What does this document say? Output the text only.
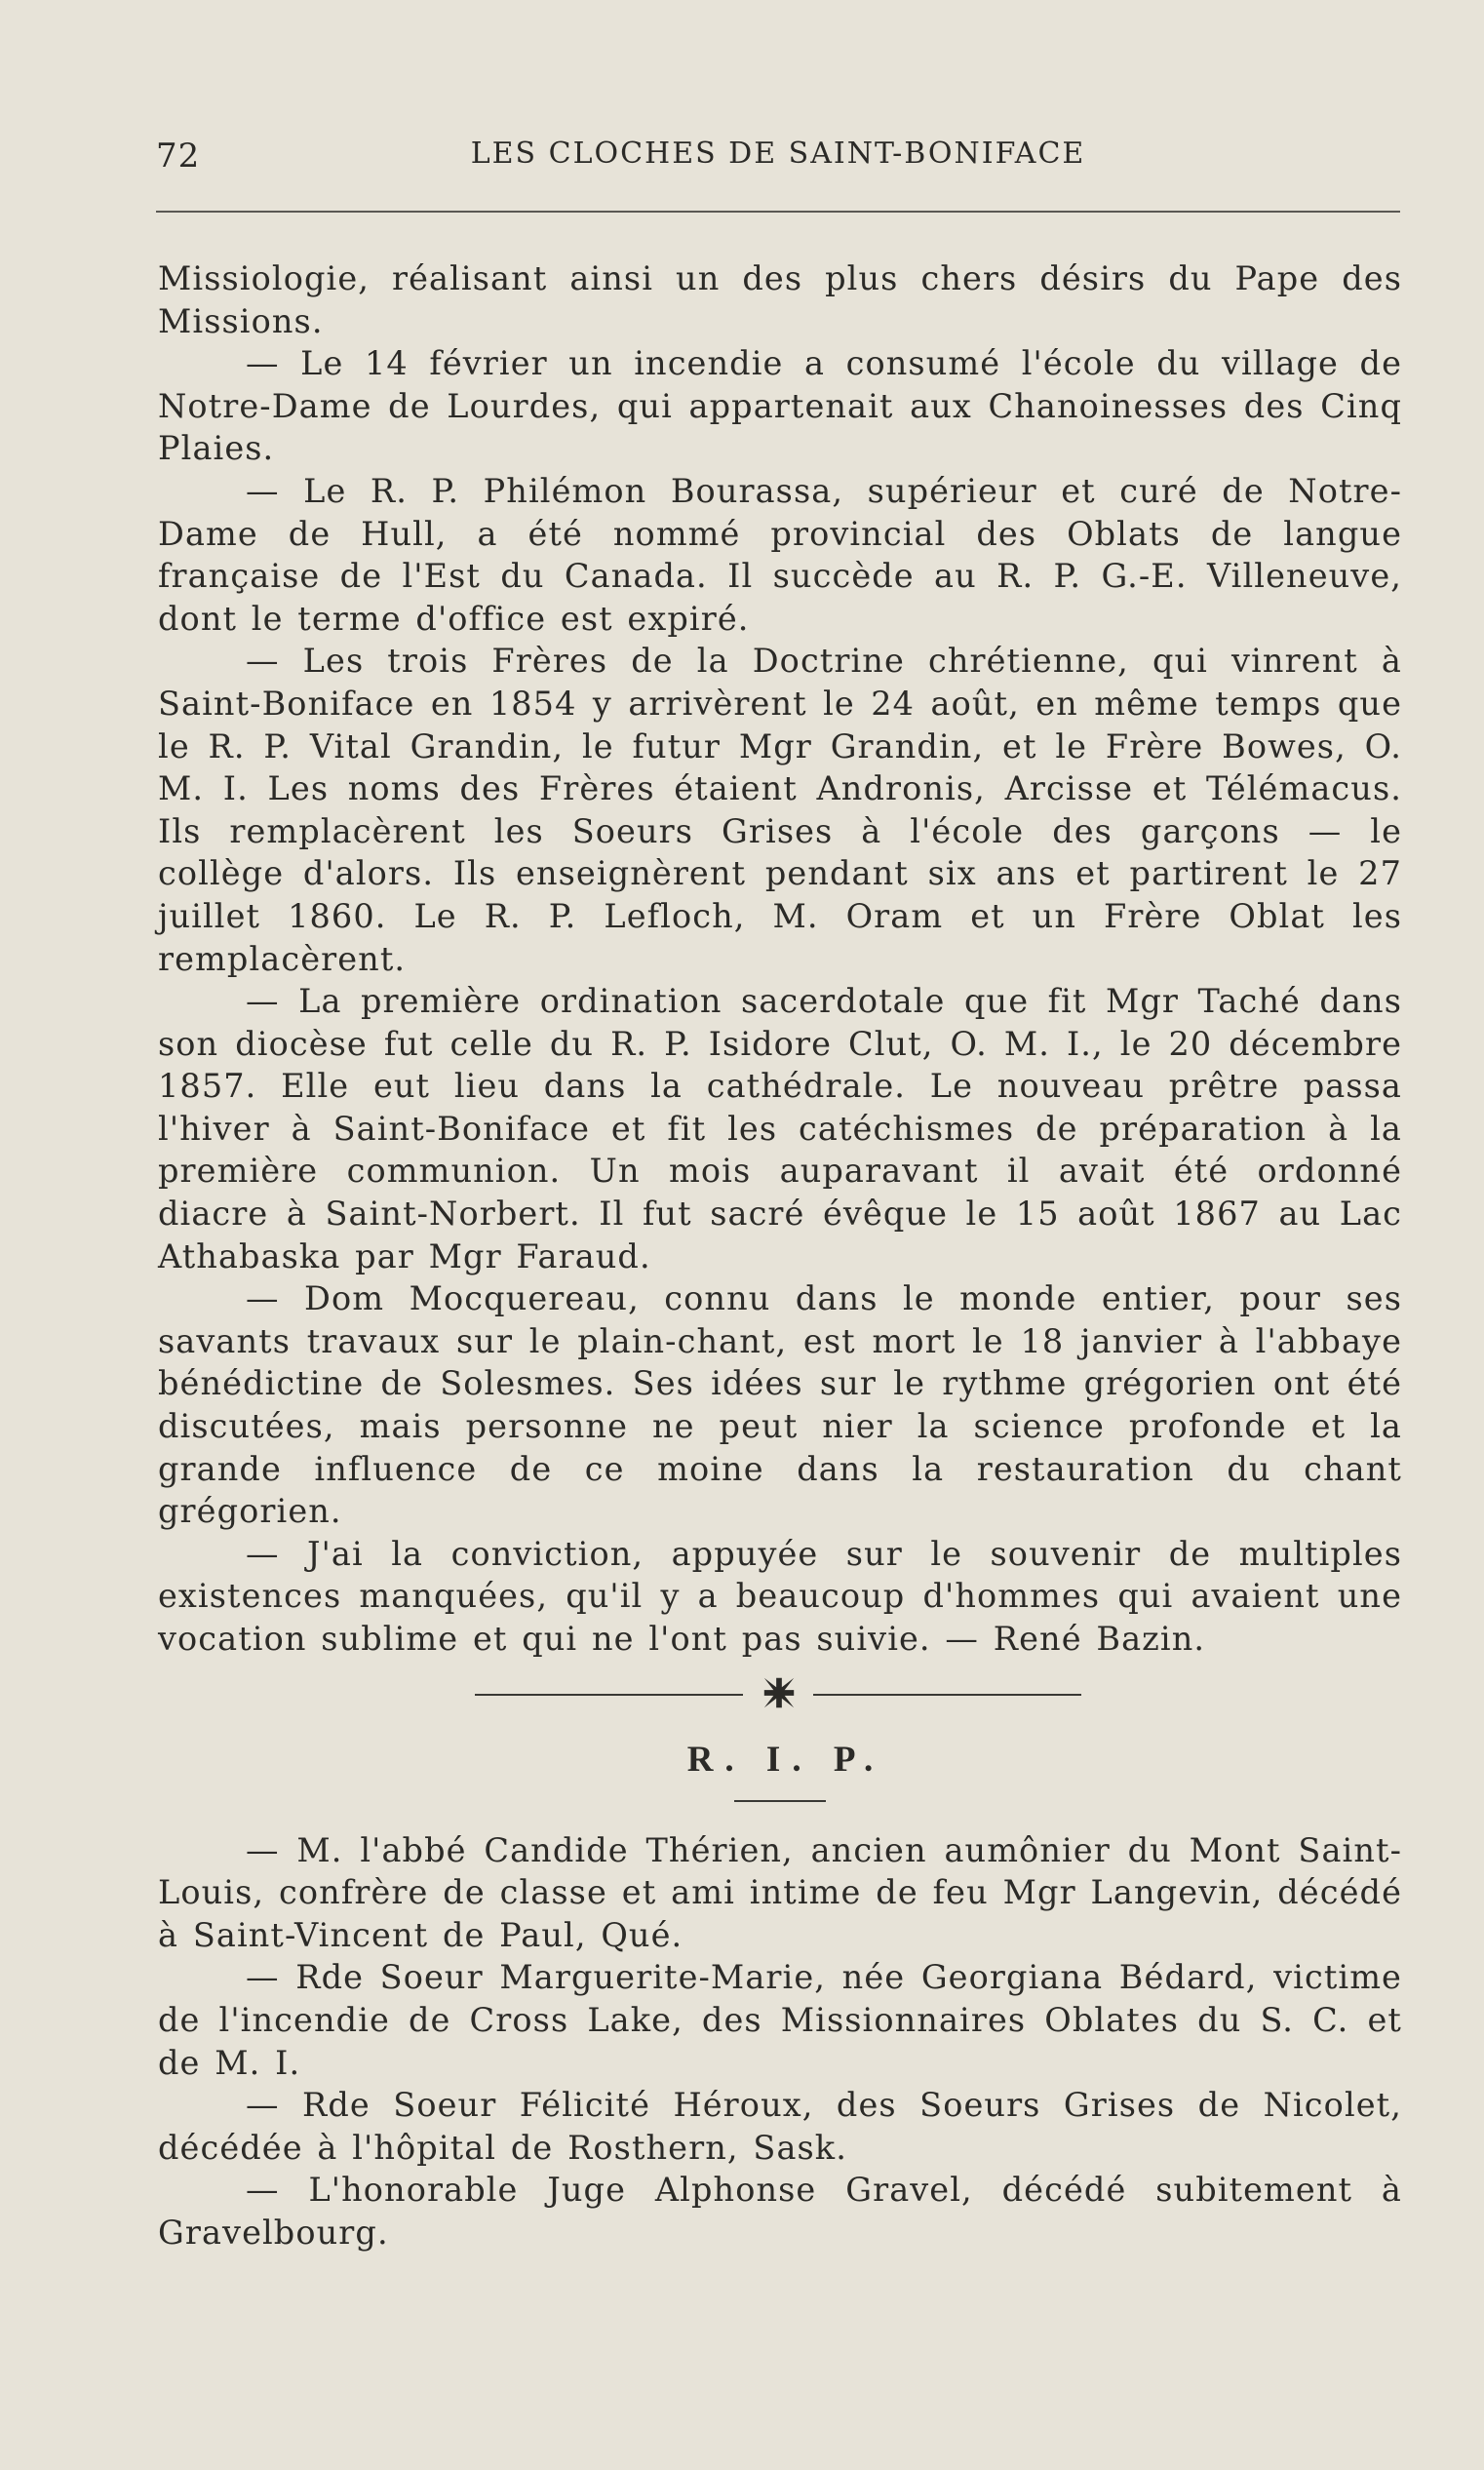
72	LES CLOCHES DE SAINT-BONIFACE

Missiologie, réalisant ainsi un des plus chers désirs du Pape des Missions.

— Le 14 février un incendie a consumé l'école du village de Notre-Dame de Lourdes, qui appartenait aux Chanoinesses des Cinq Plaies.

— Le R. P. Philémon Bourassa, supérieur et curé de Notre-Dame de Hull, a été nommé provincial des Oblats de langue française de l'Est du Canada. Il succède au R. P. G.-E. Villeneuve, dont le terme d'office est expiré.

— Les trois Frères de la Doctrine chrétienne, qui vinrent à Saint-Boniface en 1854 y arrivèrent le 24 août, en même temps que le R. P. Vital Grandin, le futur Mgr Grandin, et le Frère Bowes, O. M. I. Les noms des Frères étaient Andronis, Arcisse et Télémacus. Ils remplacèrent les Soeurs Grises à l'école des garçons — le collège d'alors. Ils enseignèrent pendant six ans et partirent le 27 juillet 1860. Le R. P. Lefloch, M. Oram et un Frère Oblat les remplacèrent.

— La première ordination sacerdotale que fit Mgr Taché dans son diocèse fut celle du R. P. Isidore Clut, O. M. I., le 20 décembre 1857. Elle eut lieu dans la cathédrale. Le nouveau prêtre passa l'hiver à Saint-Boniface et fit les catéchismes de préparation à la première communion. Un mois auparavant il avait été ordonné diacre à Saint-Norbert. Il fut sacré évêque le 15 août 1867 au Lac Athabaska par Mgr Faraud.

— Dom Mocquereau, connu dans le monde entier, pour ses savants travaux sur le plain-chant, est mort le 18 janvier à l'abbaye bénédictine de Solesmes. Ses idées sur le rythme grégorien ont été discutées, mais personne ne peut nier la science profonde et la grande influence de ce moine dans la restauration du chant grégorien.

— J'ai la conviction, appuyée sur le souvenir de multiples existences manquées, qu'il y a beaucoup d'hommes qui avaient une vocation sublime et qui ne l'ont pas suivie. — René Bazin.

R. I. P.

— M. l'abbé Candide Thérien, ancien aumônier du Mont Saint-Louis, confrère de classe et ami intime de feu Mgr Langevin, décédé à Saint-Vincent de Paul, Qué.

— Rde Soeur Marguerite-Marie, née Georgiana Bédard, victime de l'incendie de Cross Lake, des Missionnaires Oblates du S. C. et de M. I.

— Rde Soeur Félicité Héroux, des Soeurs Grises de Nicolet, décédée à l'hôpital de Rosthern, Sask.

— L'honorable Juge Alphonse Gravel, décédé subitement à Gravelbourg.
